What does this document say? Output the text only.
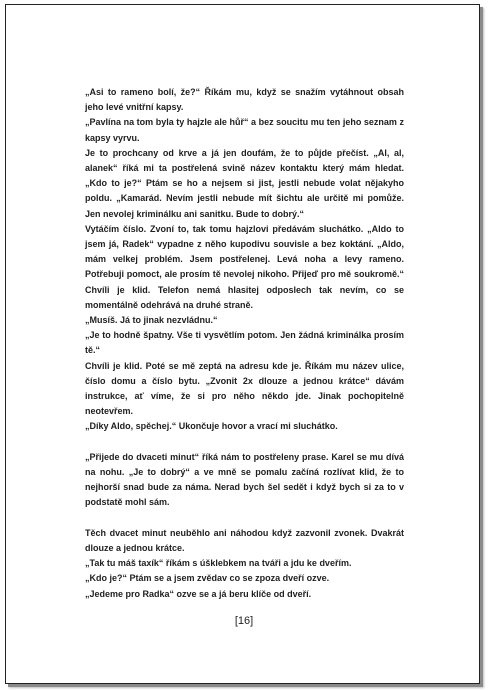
„Asi to rameno bolí, že?“ Říkám mu, když se snažím vytáhnout obsah jeho levé vnitřní kapsy.

„Pavlína na tom byla ty hajzle ale hůř“ a bez soucitu mu ten jeho seznam z kapsy vyrvu.

Je to prochcany od krve a já jen doufám, že to půjde přečíst. „Al, al, alanek“ říká mi ta postřelená svině název kontaktu který mám hledat. „Kdo to je?“ Ptám se ho a nejsem si jist, jestli nebude volat nějakyho poldu. „Kamarád. Nevím jestli nebude mít šichtu ale určitě mi pomůže. Jen nevolej kriminálku ani sanitku. Bude to dobrý.“

Vytáčím číslo. Zvoní to, tak tomu hajzlovi předávám sluchátko. „Aldo to jsem já, Radek“ vypadne z něho kupodivu souvisle a bez koktání. „Aldo, mám velkej problém. Jsem postřelenej. Levá noha a levy rameno. Potřebuji pomoct, ale prosím tě nevolej nikoho. Přijeď pro mě soukromě.“ Chvíli je klid. Telefon nemá hlasitej odposlech tak nevím, co se momentálně odehrává na druhé straně.

„Musíš. Já to jinak nezvládnu.“

„Je to hodně špatny. Vše ti vysvětlím potom. Jen žádná kriminálka prosím tě.“

Chvíli je klid. Poté se mě zeptá na adresu kde je. Říkám mu název ulice, číslo domu a číslo bytu. „Zvonit 2x dlouze a jednou krátce“ dávám instrukce, ať víme, že si pro něho někdo jde. Jinak pochopitelně neotevřem.

„Díky Aldo, spěchej.“ Ukončuje hovor a vrací mi sluchátko.

„Přijede do dvaceti minut“ říká nám to postřeleny prase. Karel se mu dívá na nohu. „Je to dobrý“ a ve mně se pomalu začíná rozlívat klid, že to nejhorší snad bude za náma. Nerad bych šel sedět i když bych si za to v podstatě mohl sám.

Těch dvacet minut neuběhlo ani náhodou když zazvonil zvonek. Dvakrát dlouze a jednou krátce.

„Tak tu máš taxík“ říkám s úšklebkem na tváři a jdu ke dveřím.

„Kdo je?“ Ptám se a jsem zvědav co se zpoza dveří ozve.

„Jedeme pro Radka“ ozve se a já beru klíče od dveří.

[16]
